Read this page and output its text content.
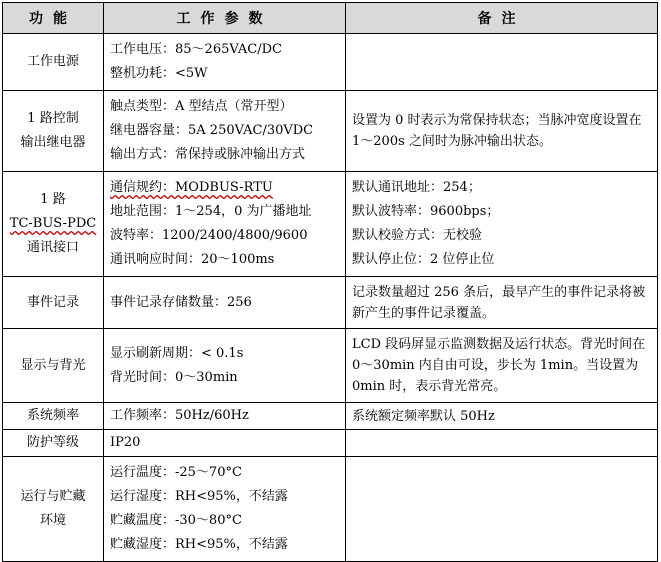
功能	工作参数	备注

工作电源	工作电压：85～265VAC/DC
整机功耗：<5W	

1 路控制
输出继电器	触点类型：A 型结点（常开型）
继电器容量：5A 250VAC/30VDC
输出方式：常保持或脉冲输出方式	设置为 0 时表示为常保持状态；当脉冲宽度设置在 1～200s 之间时为脉冲输出状态。

1 路
TC-BUS-PDC
通讯接口	通信规约：MODBUS-RTU
地址范围：1～254，0 为广播地址
波特率：1200/2400/4800/9600
通讯响应时间：20～100ms	默认通讯地址：254；
默认波特率：9600bps；
默认校验方式：无校验
默认停止位：2 位停止位

事件记录	事件记录存储数量：256	记录数量超过 256 条后，最早产生的事件记录将被新产生的事件记录覆盖。

显示与背光	显示刷新周期：< 0.1s
背光时间：0～30min	LCD 段码屏显示监测数据及运行状态。背光时间在 0～30min 内自由可设，步长为 1min。当设置为 0min 时，表示背光常亮。

系统频率	工作频率：50Hz/60Hz	系统额定频率默认 50Hz

防护等级	IP20	

运行与贮藏
环境	运行温度：-25～70°C
运行湿度：RH<95%，不结露
贮藏温度：-30～80°C
贮藏湿度：RH<95%，不结露	
